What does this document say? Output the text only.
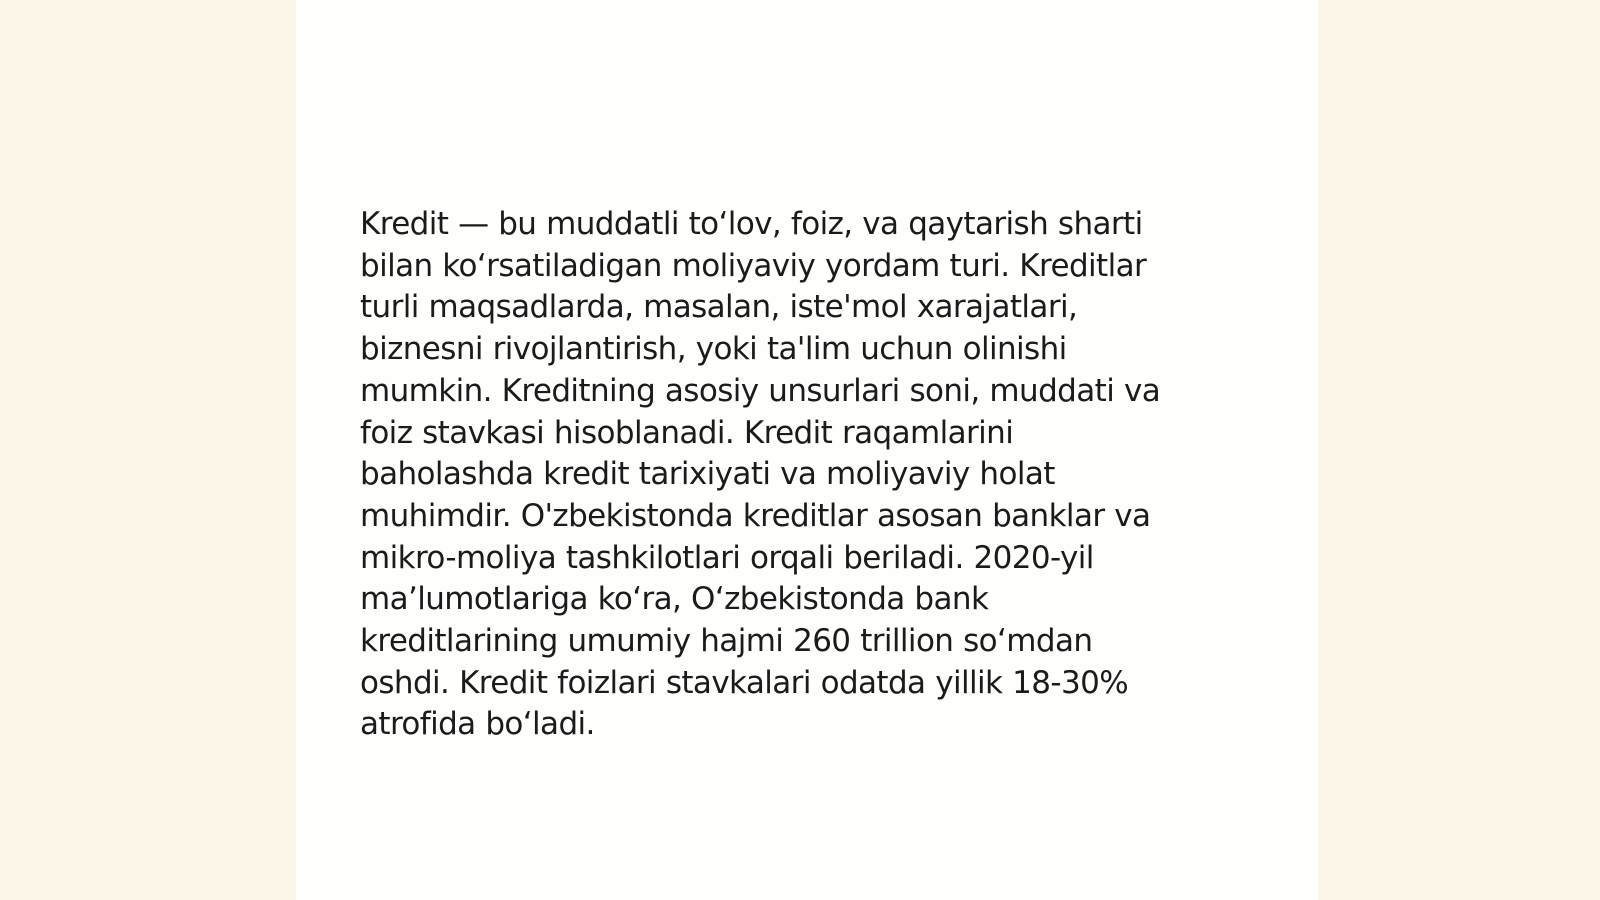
Kredit — bu muddatli to‘lov, foiz, va qaytarish sharti
bilan ko‘rsatiladigan moliyaviy yordam turi. Kreditlar
turli maqsadlarda, masalan, iste'mol xarajatlari,
biznesni rivojlantirish, yoki ta'lim uchun olinishi
mumkin. Kreditning asosiy unsurlari soni, muddati va
foiz stavkasi hisoblanadi. Kredit raqamlarini
baholashda kredit tarixiyati va moliyaviy holat
muhimdir. O'zbekistonda kreditlar asosan banklar va
mikro-moliya tashkilotlari orqali beriladi. 2020-yil
ma’lumotlariga ko‘ra, O‘zbekistonda bank
kreditlarining umumiy hajmi 260 trillion so‘mdan
oshdi. Kredit foizlari stavkalari odatda yillik 18-30%
atrofida bo‘ladi.
